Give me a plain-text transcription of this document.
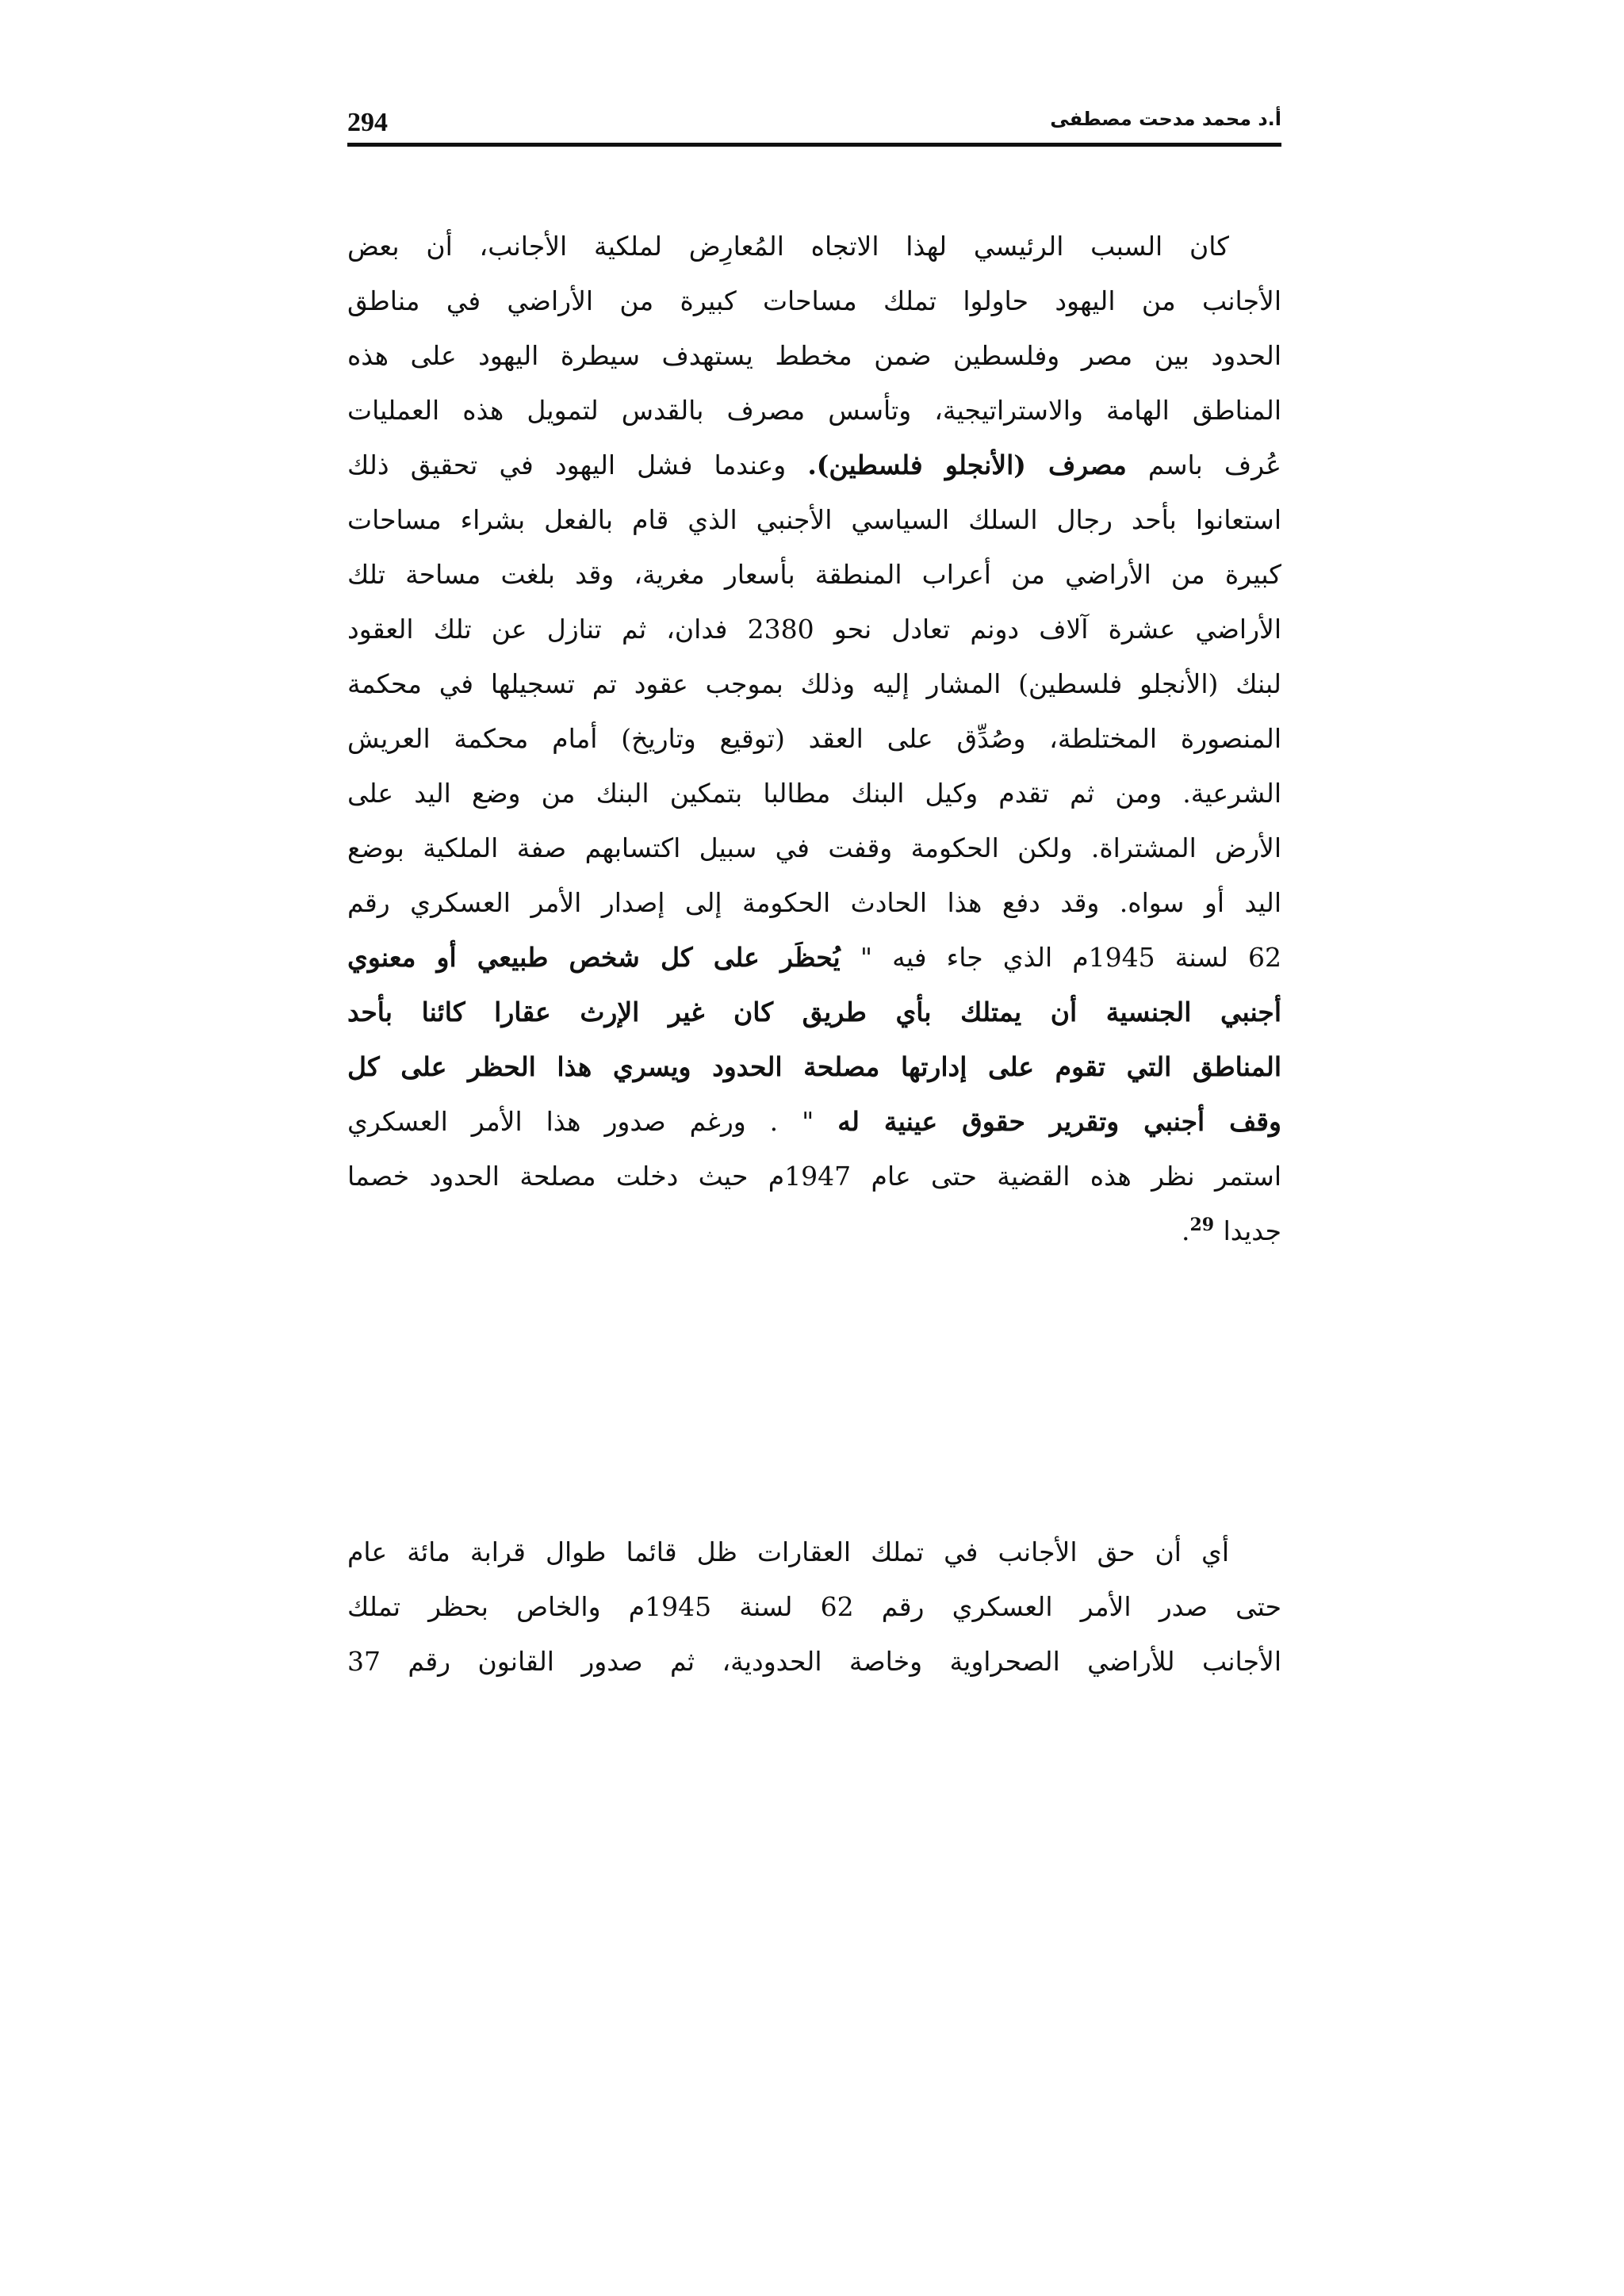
294	أ.د محمد مدحت مصطفى
كان السبب الرئيسي لهذا الاتجاه المُعارِض لملكية الأجانب، أن بعض
الأجانب من اليهود حاولوا تملك مساحات كبيرة من الأراضي في مناطق
الحدود بين مصر وفلسطين ضمن مخطط يستهدف سيطرة اليهود على هذه
المناطق الهامة والاستراتيجية، وتأسس مصرف بالقدس لتمويل هذه العمليات
عُرف باسم مصرف (الأنجلو فلسطين). وعندما فشل اليهود في تحقيق ذلك
استعانوا بأحد رجال السلك السياسي الأجنبي الذي قام بالفعل بشراء مساحات
كبيرة من الأراضي من أعراب المنطقة بأسعار مغرية، وقد بلغت مساحة تلك
الأراضي عشرة آلاف دونم تعادل نحو 2380 فدان، ثم تنازل عن تلك العقود
لبنك (الأنجلو فلسطين) المشار إليه وذلك بموجب عقود تم تسجيلها في محكمة
المنصورة المختلطة، وصُدِّق على العقد (توقيع وتاريخ) أمام محكمة العريش
الشرعية. ومن ثم تقدم وكيل البنك مطالبا بتمكين البنك من وضع اليد على
الأرض المشتراة. ولكن الحكومة وقفت في سبيل اكتسابهم صفة الملكية بوضع
اليد أو سواه. وقد دفع هذا الحادث الحكومة إلى إصدار الأمر العسكري رقم
62 لسنة 1945م الذي جاء فيه " يُحظَر على كل شخص طبيعي أو معنوي
أجنبي الجنسية أن يمتلك بأي طريق كان غير الإرث عقارا كائنا بأحد
المناطق التي تقوم على إدارتها مصلحة الحدود ويسري هذا الحظر على كل
وقف أجنبي وتقرير حقوق عينية له " . ورغم صدور هذا الأمر العسكري
استمر نظر هذه القضية حتى عام 1947م حيث دخلت مصلحة الحدود خصما
جديدا $^{29}$.
أي أن حق الأجانب في تملك العقارات ظل قائما طوال قرابة مائة عام
حتى صدر الأمر العسكري رقم 62 لسنة 1945م والخاص بحظر تملك
الأجانب للأراضي الصحراوية وخاصة الحدودية، ثم صدور القانون رقم 37
